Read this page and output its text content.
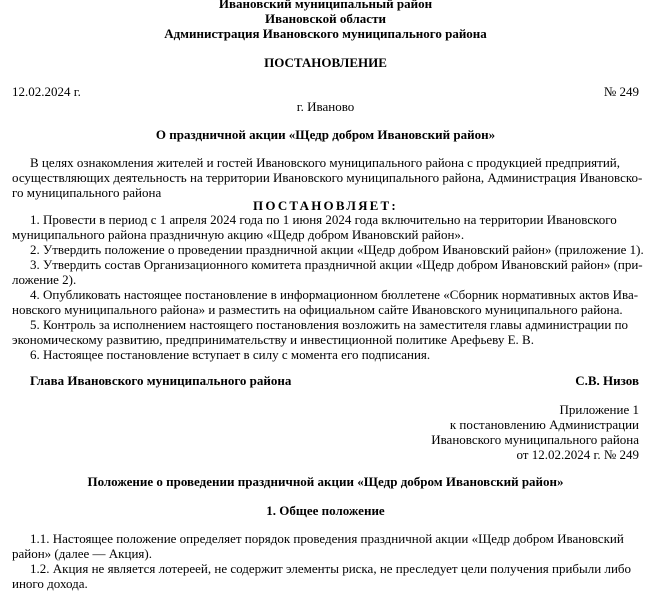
Ивановский муниципальный район
Ивановской области
Администрация Ивановского муниципального района
ПОСТАНОВЛЕНИЕ
12.02.2024 г.	№ 249
г. Иваново
О праздничной акции «Щедр добром Ивановский район»
В целях ознакомления жителей и гостей Ивановского муниципального района с продукцией предприятий,
осуществляющих деятельность на территории Ивановского муниципального района, Администрация Ивановско-
го муниципального района
ПОСТАНОВЛЯЕТ:
1. Провести в период с 1 апреля 2024 года по 1 июня 2024 года включительно на территории Ивановского
муниципального района праздничную акцию «Щедр добром Ивановский район».
2. Утвердить положение о проведении праздничной акции «Щедр добром Ивановский район» (приложение 1).
3. Утвердить состав Организационного комитета праздничной акции «Щедр добром Ивановский район» (при-
ложение 2).
4. Опубликовать настоящее постановление в информационном бюллетене «Сборник нормативных актов Ива-
новского муниципального района» и разместить на официальном сайте Ивановского муниципального района.
5. Контроль за исполнением настоящего постановления возложить на заместителя главы администрации по
экономическому развитию, предпринимательству и инвестиционной политике Арефьеву Е. В.
6. Настоящее постановление вступает в силу с момента его подписания.
Глава Ивановского муниципального района	С.В. Низов
Приложение 1
к постановлению Администрации
Ивановского муниципального района
от 12.02.2024 г. № 249
Положение о проведении праздничной акции «Щедр добром Ивановский район»
1. Общее положение
1.1. Настоящее положение определяет порядок проведения праздничной акции «Щедр добром Ивановский
район» (далее — Акция).
1.2. Акция не является лотереей, не содержит элементы риска, не преследует цели получения прибыли либо
иного дохода.
